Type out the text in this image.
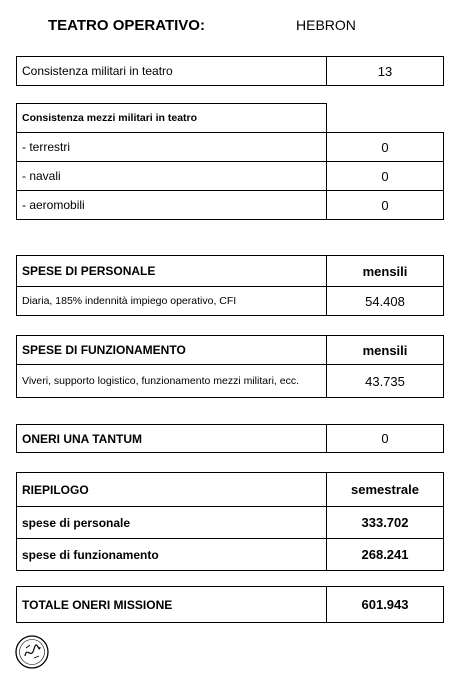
TEATRO OPERATIVO:	HEBRON
Consistenza militari in teatro	13
Consistenza mezzi militari in teatro	
- terrestri	0
- navali	0
- aeromobili	0
SPESE DI PERSONALE	mensili
Diaria, 185% indennità impiego operativo, CFI	54.408
SPESE DI FUNZIONAMENTO	mensili
Viveri, supporto logistico, funzionamento mezzi militari, ecc.	43.735
ONERI UNA TANTUM	0
RIEPILOGO	semestrale
spese di personale	333.702
spese di funzionamento	268.241
TOTALE ONERI MISSIONE	601.943
